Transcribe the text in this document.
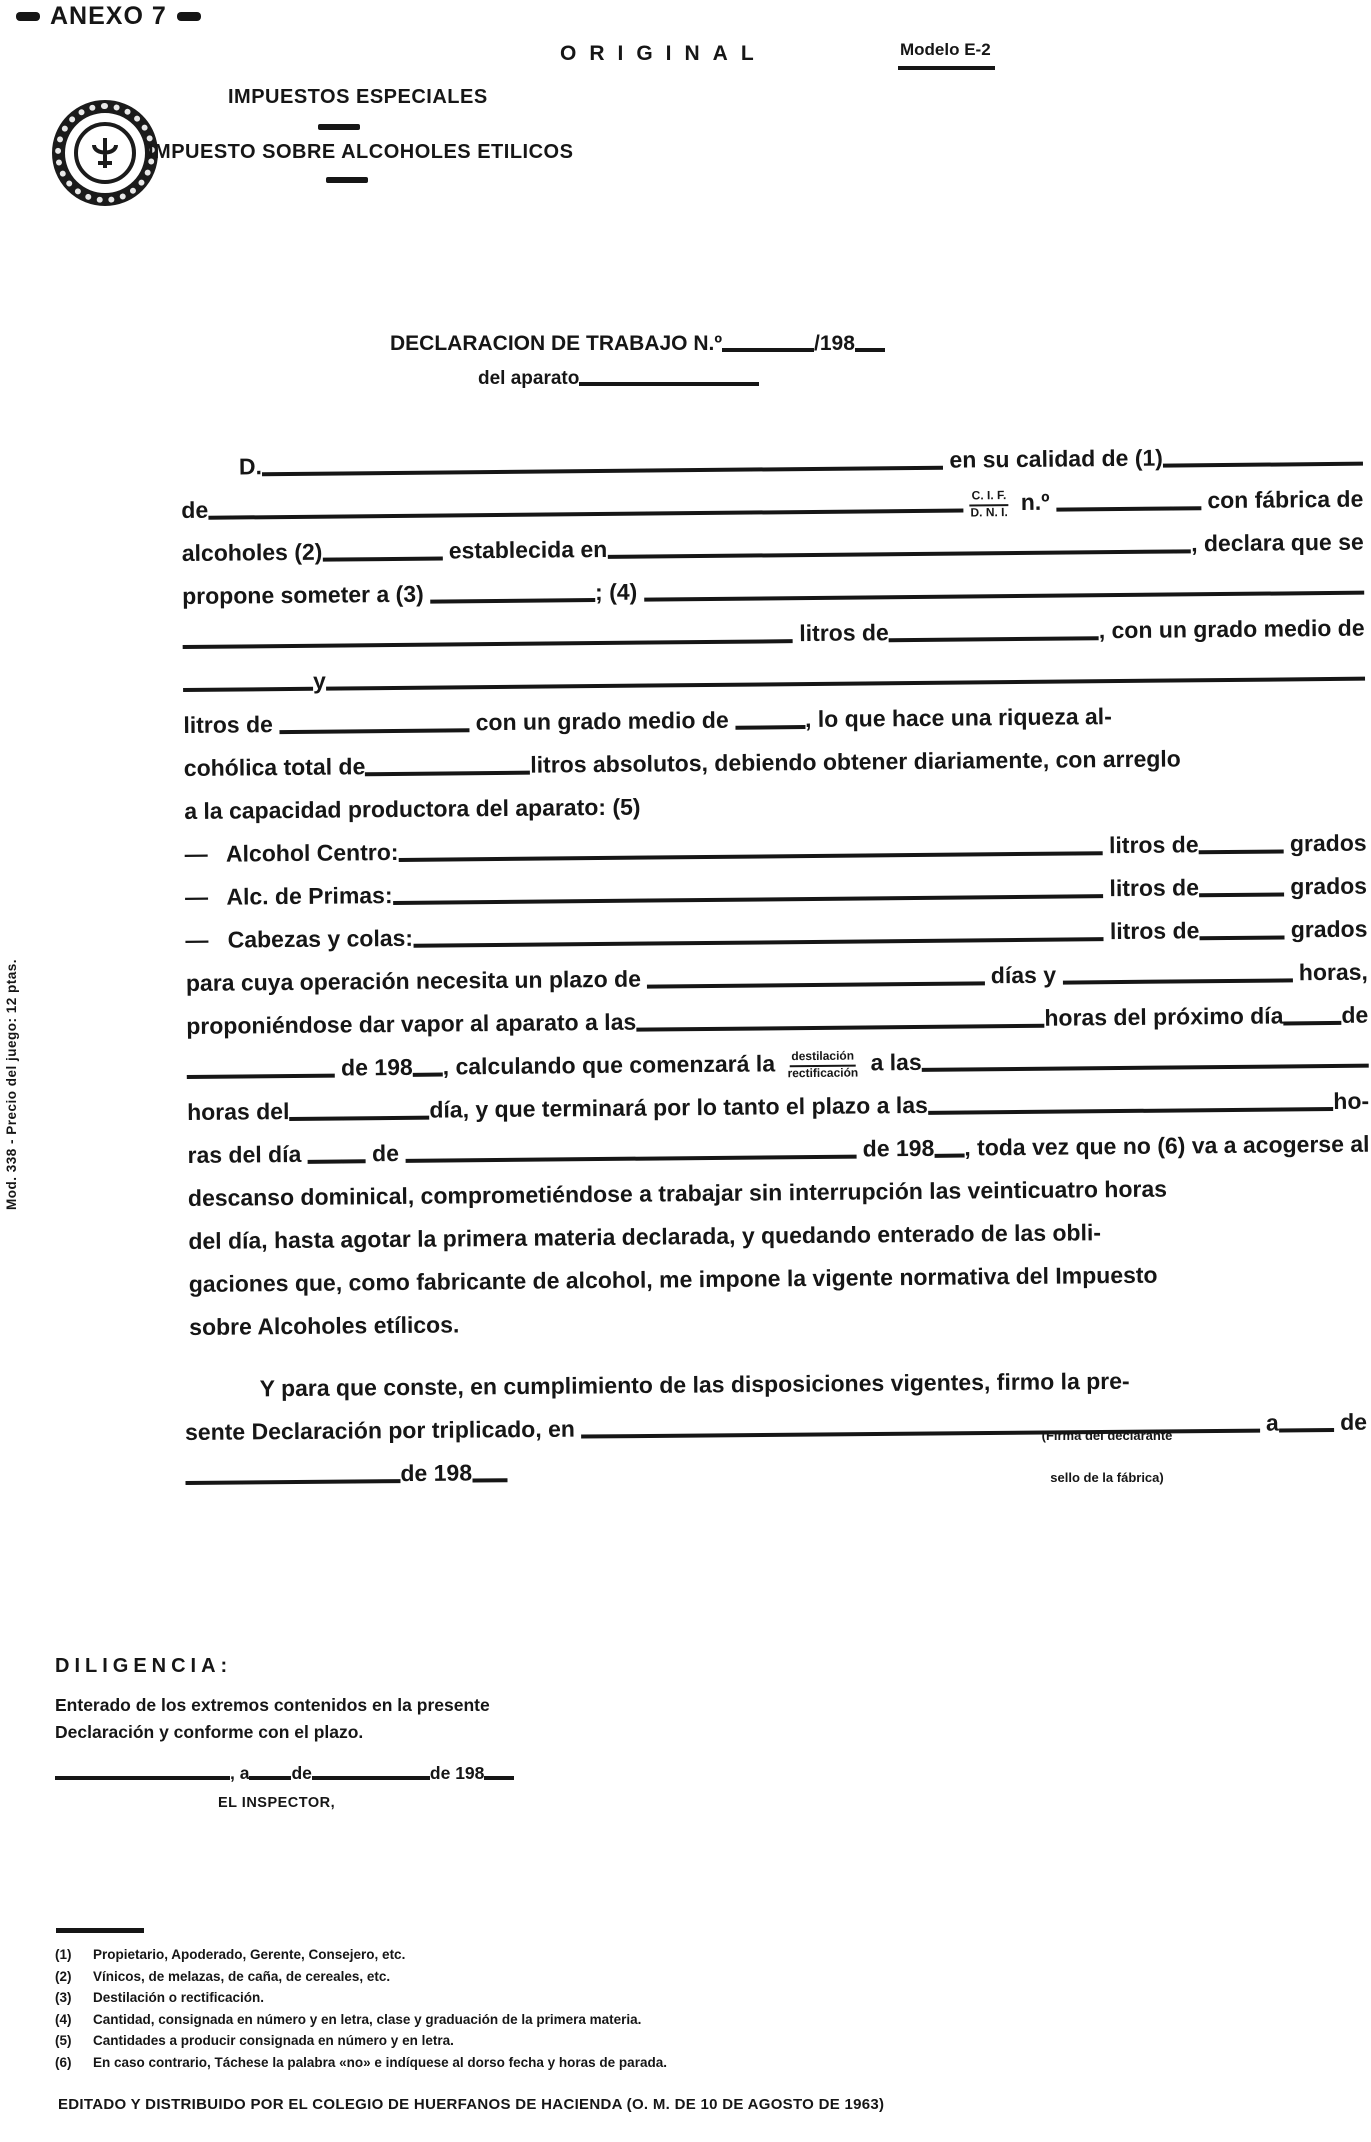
ANEXO 7
ORIGINAL	Modelo E-2
IMPUESTOS ESPECIALES
IMPUESTO SOBRE ALCOHOLES ETILICOS
DECLARACION DE TRABAJO N.º	/198
del aparato
D.	en su calidad de (1)
de	$\frac{C. I. F.}{D. N. I.}$ n.º	con fábrica de
alcoholes (2)	establecida en	, declara que se
propone someter a (3)	; (4)
litros de	, con un grado medio de
y
litros de	con un grado medio de	, lo que hace una riqueza al-
cohólica total de	litros absolutos, debiendo obtener diariamente, con arreglo
a la capacidad productora del aparato: (5)
—   Alcohol Centro:	litros de	grados
—   Alc. de Primas:	litros de	grados
—   Cabezas y colas:	litros de	grados
para cuya operación necesita un plazo de	días y	horas,
proponiéndose dar vapor al aparato a las	horas del próximo día	de
de 198 , calculando que comenzará la $\frac{\text{destilación}}{\text{rectificación}}$ a las
horas del	día, y que terminará por lo tanto el plazo a las	ho-
ras del día	de	de 198 , toda vez que no (6) va a acogerse al
descanso dominical, comprometiéndose a trabajar sin interrupción las veinticuatro horas
del día, hasta agotar la primera materia declarada, y quedando enterado de las obli-
gaciones que, como fabricante de alcohol, me impone la vigente normativa del Impuesto
sobre Alcoholes etílicos.
Y para que conste, en cumplimiento de las disposiciones vigentes, firmo la pre-
sente Declaración por triplicado, en	a de
de 198
(Firma del declarante
sello de la fábrica)
DILIGENCIA:
Enterado de los extremos contenidos en la presente
Declaración y conforme con el plazo.
, a de	de 198
EL INSPECTOR,
(1)	Propietario, Apoderado, Gerente, Consejero, etc.
(2)	Vínicos, de melazas, de caña, de cereales, etc.
(3)	Destilación o rectificación.
(4)	Cantidad, consignada en número y en letra, clase y graduación de la primera materia.
(5)	Cantidades a producir consignada en número y en letra.
(6)	En caso contrario, Táchese la palabra «no» e indíquese al dorso fecha y horas de parada.
EDITADO Y DISTRIBUIDO POR EL COLEGIO DE HUERFANOS DE HACIENDA (O. M. DE 10 DE AGOSTO DE 1963)
Mod. 338 - Precio del juego: 12 ptas.
